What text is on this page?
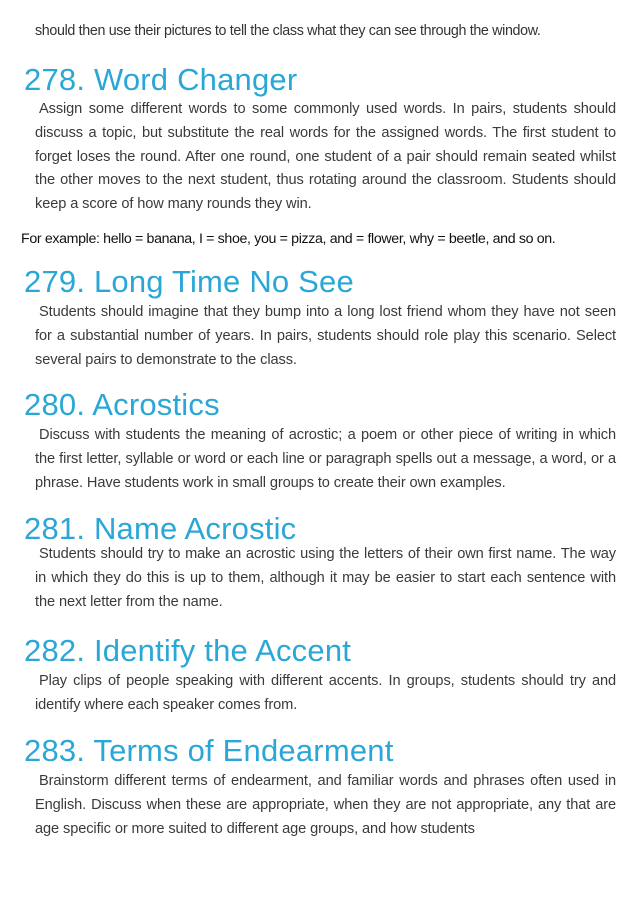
should then use their pictures to tell the class what they can see through the window.
278. Word Changer

Assign some different words to some commonly used words. In pairs, students should discuss a topic, but substitute the real words for the assigned words. The first student to forget loses the round. After one round, one student of a pair should remain seated whilst the other moves to the next student, thus rotating around the classroom. Students should keep a score of how many rounds they win.

For example: hello = banana, I = shoe, you = pizza, and = flower, why = beetle, and so on.
279. Long Time No See

Students should imagine that they bump into a long lost friend whom they have not seen for a substantial number of years. In pairs, students should role play this scenario. Select several pairs to demonstrate to the class.

280. Acrostics

Discuss with students the meaning of acrostic; a poem or other piece of writing in which the first letter, syllable or word or each line or paragraph spells out a message, a word, or a phrase. Have students work in small groups to create their own examples.

281. Name Acrostic

Students should try to make an acrostic using the letters of their own first name. The way in which they do this is up to them, although it may be easier to start each sentence with the next letter from the name.

282. Identify the Accent

Play clips of people speaking with different accents. In groups, students should try and identify where each speaker comes from.

283. Terms of Endearment

Brainstorm different terms of endearment, and familiar words and phrases often used in English. Discuss when these are appropriate, when they are not appropriate, any that are age specific or more suited to different age groups, and how students
